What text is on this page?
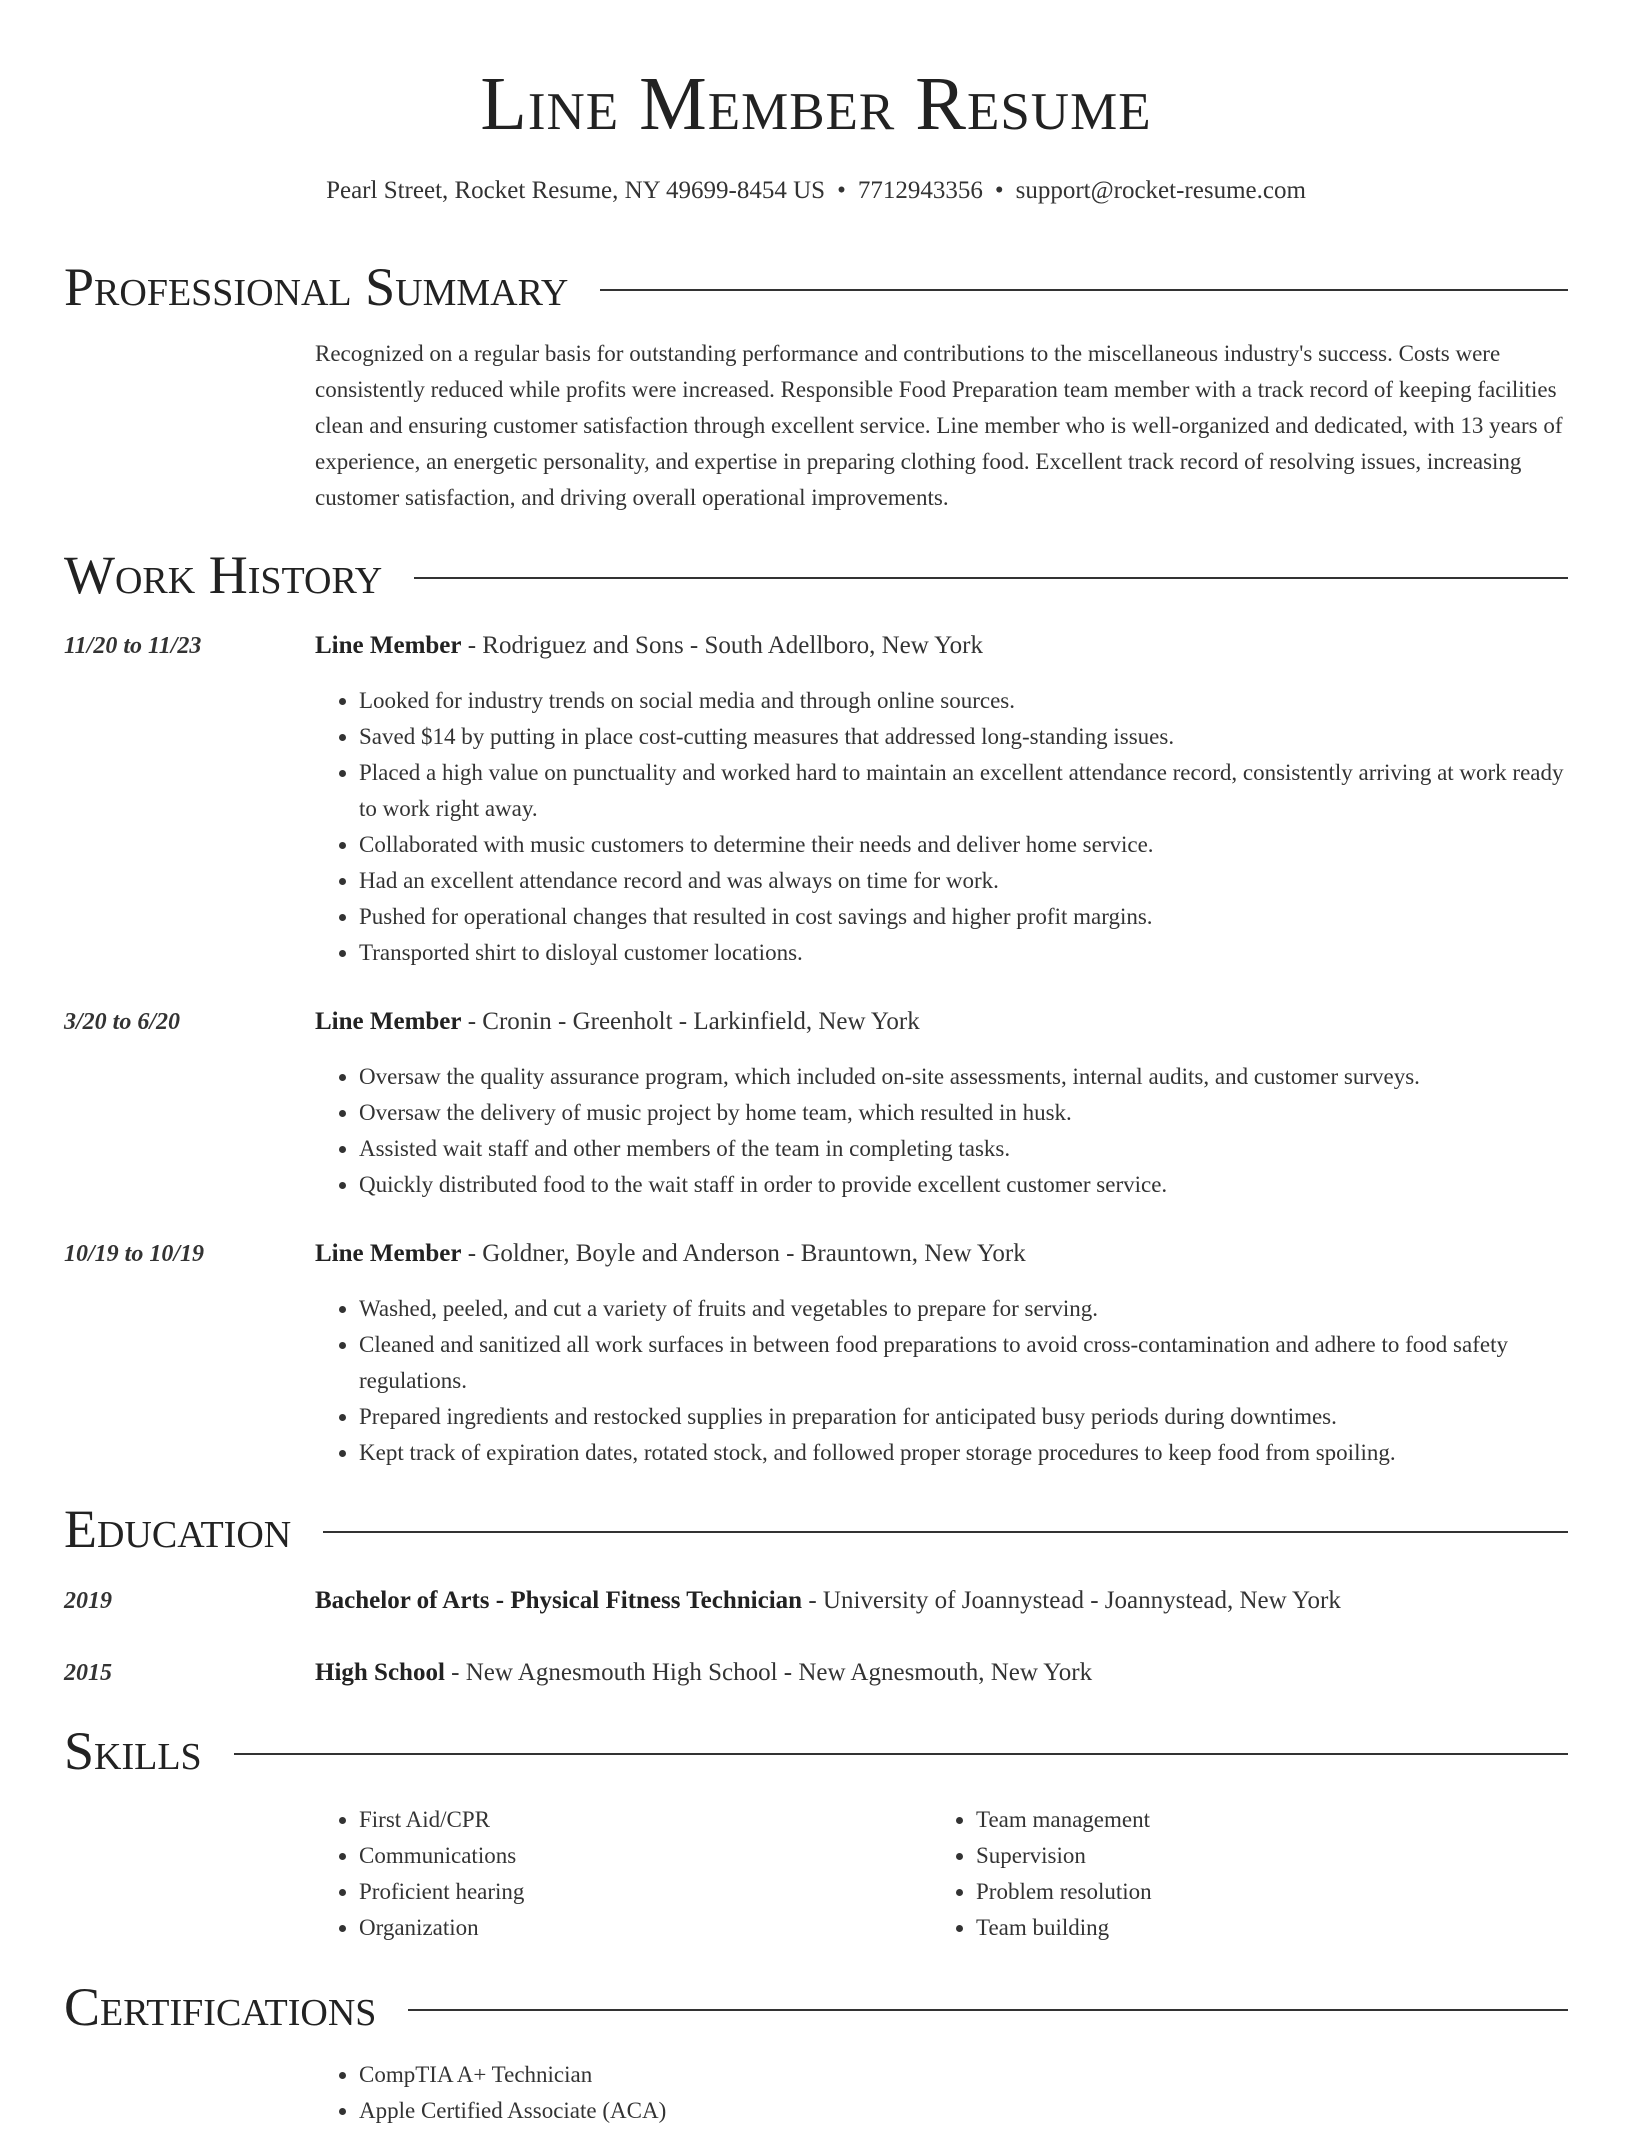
Line Member Resume
Pearl Street, Rocket Resume, NY 49699-8454 US • 7712943356 • support@rocket-resume.com
Professional Summary
Recognized on a regular basis for outstanding performance and contributions to the miscellaneous industry's success. Costs were consistently reduced while profits were increased. Responsible Food Preparation team member with a track record of keeping facilities clean and ensuring customer satisfaction through excellent service. Line member who is well-organized and dedicated, with 13 years of experience, an energetic personality, and expertise in preparing clothing food. Excellent track record of resolving issues, increasing customer satisfaction, and driving overall operational improvements.
Work History
11/20 to 11/23	Line Member - Rodriguez and Sons - South Adellboro, New York
• Looked for industry trends on social media and through online sources.
• Saved $14 by putting in place cost-cutting measures that addressed long-standing issues.
• Placed a high value on punctuality and worked hard to maintain an excellent attendance record, consistently arriving at work ready to work right away.
• Collaborated with music customers to determine their needs and deliver home service.
• Had an excellent attendance record and was always on time for work.
• Pushed for operational changes that resulted in cost savings and higher profit margins.
• Transported shirt to disloyal customer locations.
3/20 to 6/20	Line Member - Cronin - Greenholt - Larkinfield, New York
• Oversaw the quality assurance program, which included on-site assessments, internal audits, and customer surveys.
• Oversaw the delivery of music project by home team, which resulted in husk.
• Assisted wait staff and other members of the team in completing tasks.
• Quickly distributed food to the wait staff in order to provide excellent customer service.
10/19 to 10/19	Line Member - Goldner, Boyle and Anderson - Brauntown, New York
• Washed, peeled, and cut a variety of fruits and vegetables to prepare for serving.
• Cleaned and sanitized all work surfaces in between food preparations to avoid cross-contamination and adhere to food safety regulations.
• Prepared ingredients and restocked supplies in preparation for anticipated busy periods during downtimes.
• Kept track of expiration dates, rotated stock, and followed proper storage procedures to keep food from spoiling.
Education
2019	Bachelor of Arts - Physical Fitness Technician - University of Joannystead - Joannystead, New York
2015	High School - New Agnesmouth High School - New Agnesmouth, New York
Skills
• First Aid/CPR
• Communications
• Proficient hearing
• Organization
• Team management
• Supervision
• Problem resolution
• Team building
Certifications
• CompTIA A+ Technician
• Apple Certified Associate (ACA)
